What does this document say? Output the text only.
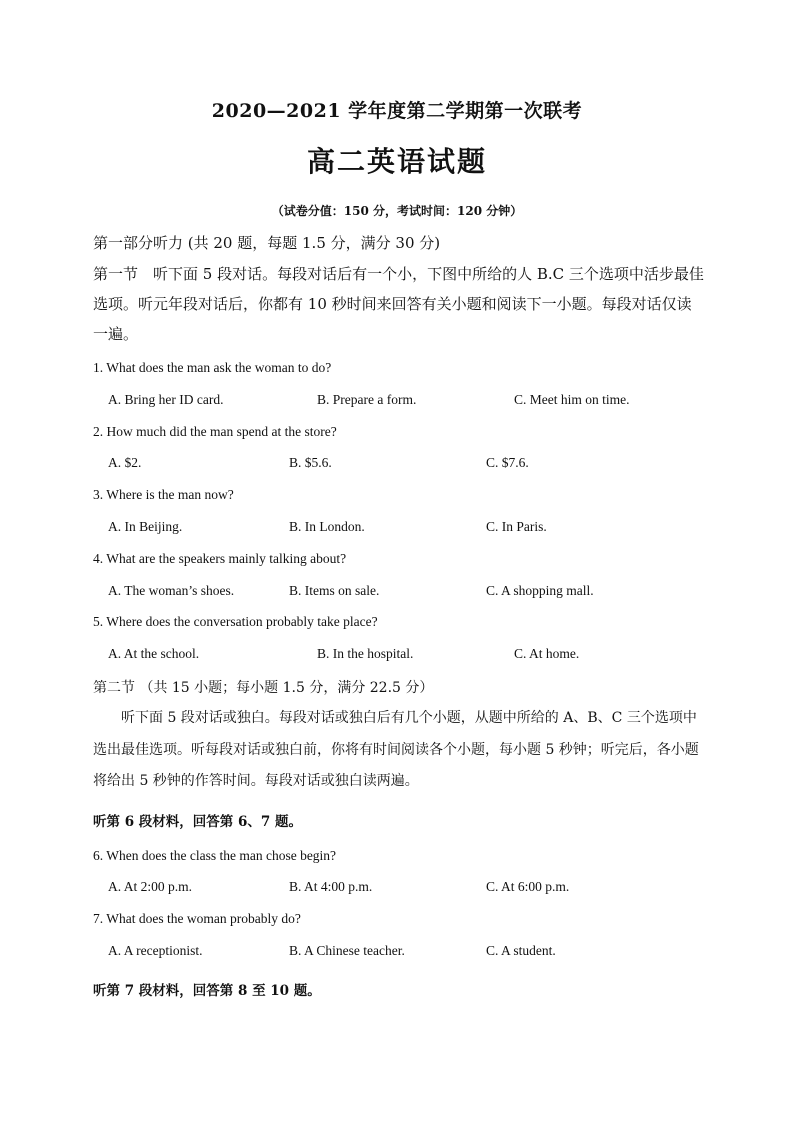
2020—2021 学年度第二学期第一次联考
高二英语试题
（试卷分值：150 分，考试时间：120 分钟）
第一部分听力 (共 20 题，每题 1.5 分，满分 30 分)
第一节　听下面 5 段对话。每段对话后有一个小，下图中所给的人 B.C 三个选项中活步最佳选项。听元年段对话后，你都有 10 秒时间来回答有关小题和阅读下一小题。每段对话仅读一遍。
1. What does the man ask the woman to do?
A. Bring her ID card.	B. Prepare a form.	C. Meet him on time.
2. How much did the man spend at the store?
A. $2.	B. $5.6.	C. $7.6.
3. Where is the man now?
A. In Beijing.	B. In London.	C. In Paris.
4. What are the speakers mainly talking about?
A. The woman’s shoes.	B. Items on sale.	C. A shopping mall.
5. Where does the conversation probably take place?
A. At the school.	B. In the hospital.	C. At home.
第二节 （共 15 小题；每小题 1.5 分，满分 22.5 分）
听下面 5 段对话或独白。每段对话或独白后有几个小题，从题中所给的 A、B、C 三个选项中选出最佳选项。听每段对话或独白前，你将有时间阅读各个小题，每小题 5 秒钟；听完后，各小题将给出 5 秒钟的作答时间。每段对话或独白读两遍。
听第 6 段材料，回答第 6、7 题。
6. When does the class the man chose begin?
A. At 2:00 p.m.	B. At 4:00 p.m.	C. At 6:00 p.m.
7. What does the woman probably do?
A. A receptionist.	B. A Chinese teacher.	C. A student.
听第 7 段材料，回答第 8 至 10 题。
